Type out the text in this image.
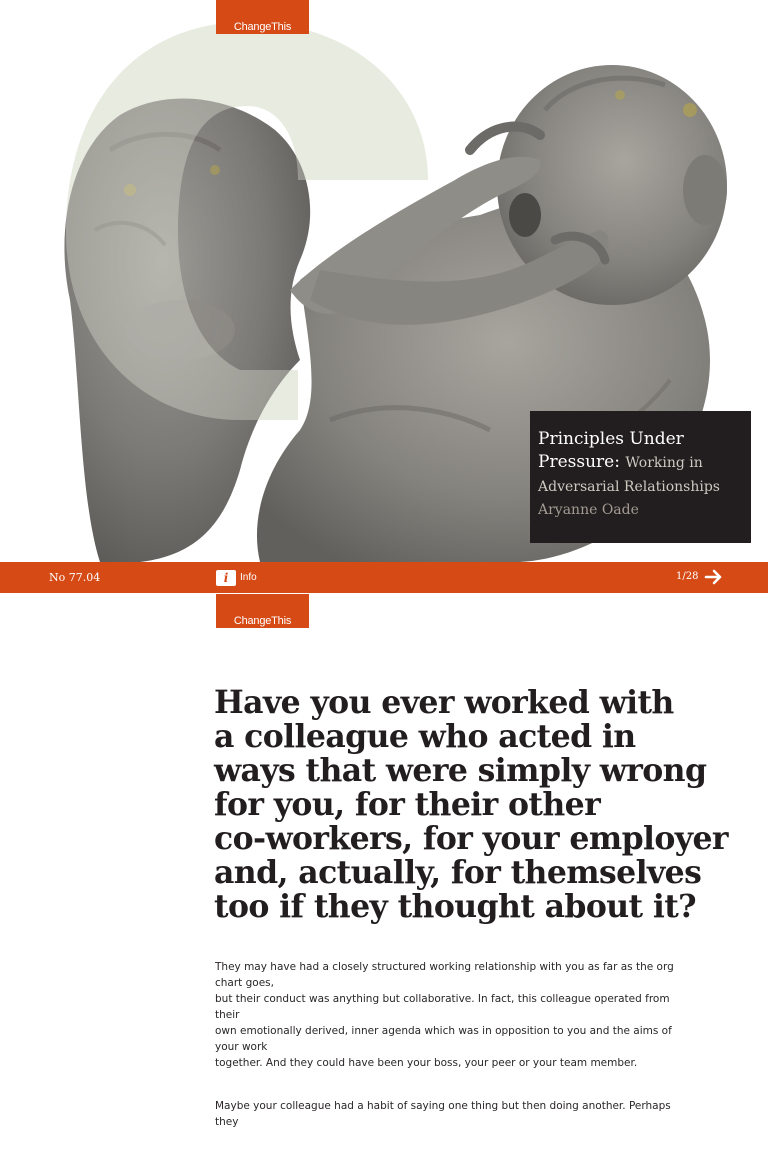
ChangeThis
Principles Under
Pressure: Working in
Adversarial Relationships
Aryanne Oade
No 77.04	i	Info	1/28
ChangeThis
Have you ever worked with
a colleague who acted in
ways that were simply wrong
for you, for their other
co-workers, for your employer
and, actually, for themselves
too if they thought about it?

They may have had a closely structured working relationship with you as far as the org chart goes,
but their conduct was anything but collaborative. In fact, this colleague operated from their
own emotionally derived, inner agenda which was in opposition to you and the aims of your work
together. And they could have been your boss, your peer or your team member.

Maybe your colleague had a habit of saying one thing but then doing another. Perhaps they
